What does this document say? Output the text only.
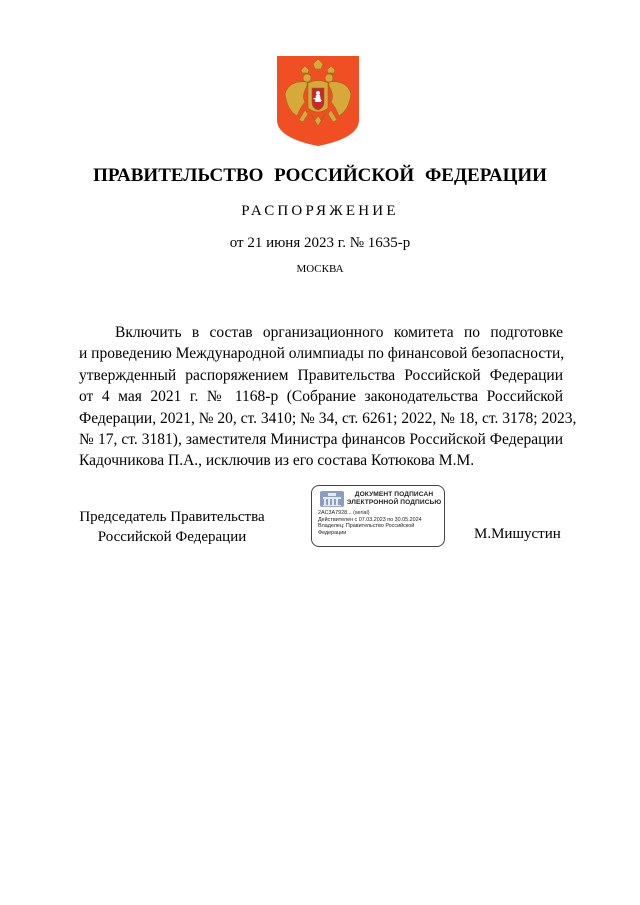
ПРАВИТЕЛЬСТВО РОССИЙСКОЙ ФЕДЕРАЦИИ
РАСПОРЯЖЕНИЕ
от 21 июня 2023 г. № 1635-р
МОСКВА
Включить в состав организационного комитета по подготовке
и проведению Международной олимпиады по финансовой безопасности,
утвержденный распоряжением Правительства Российской Федерации
от 4 мая 2021 г. № 1168-р (Собрание законодательства Российской
Федерации, 2021, № 20, ст. 3410; № 34, ст. 6261; 2022, № 18, ст. 3178; 2023,
№ 17, ст. 3181), заместителя Министра финансов Российской Федерации
Кадочникова П.А., исключив из его состава Котюкова М.М.
Председатель Правительства
Российской Федерации
ДОКУМЕНТ ПОДПИСАН
ЭЛЕКТРОННОЙ ПОДПИСЬЮ
2AC3A7928... (serial)
Действителен с 07.03.2023 по 30.05.2024
Владелец: Правительство Российской
Федерации	М.Мишустин
